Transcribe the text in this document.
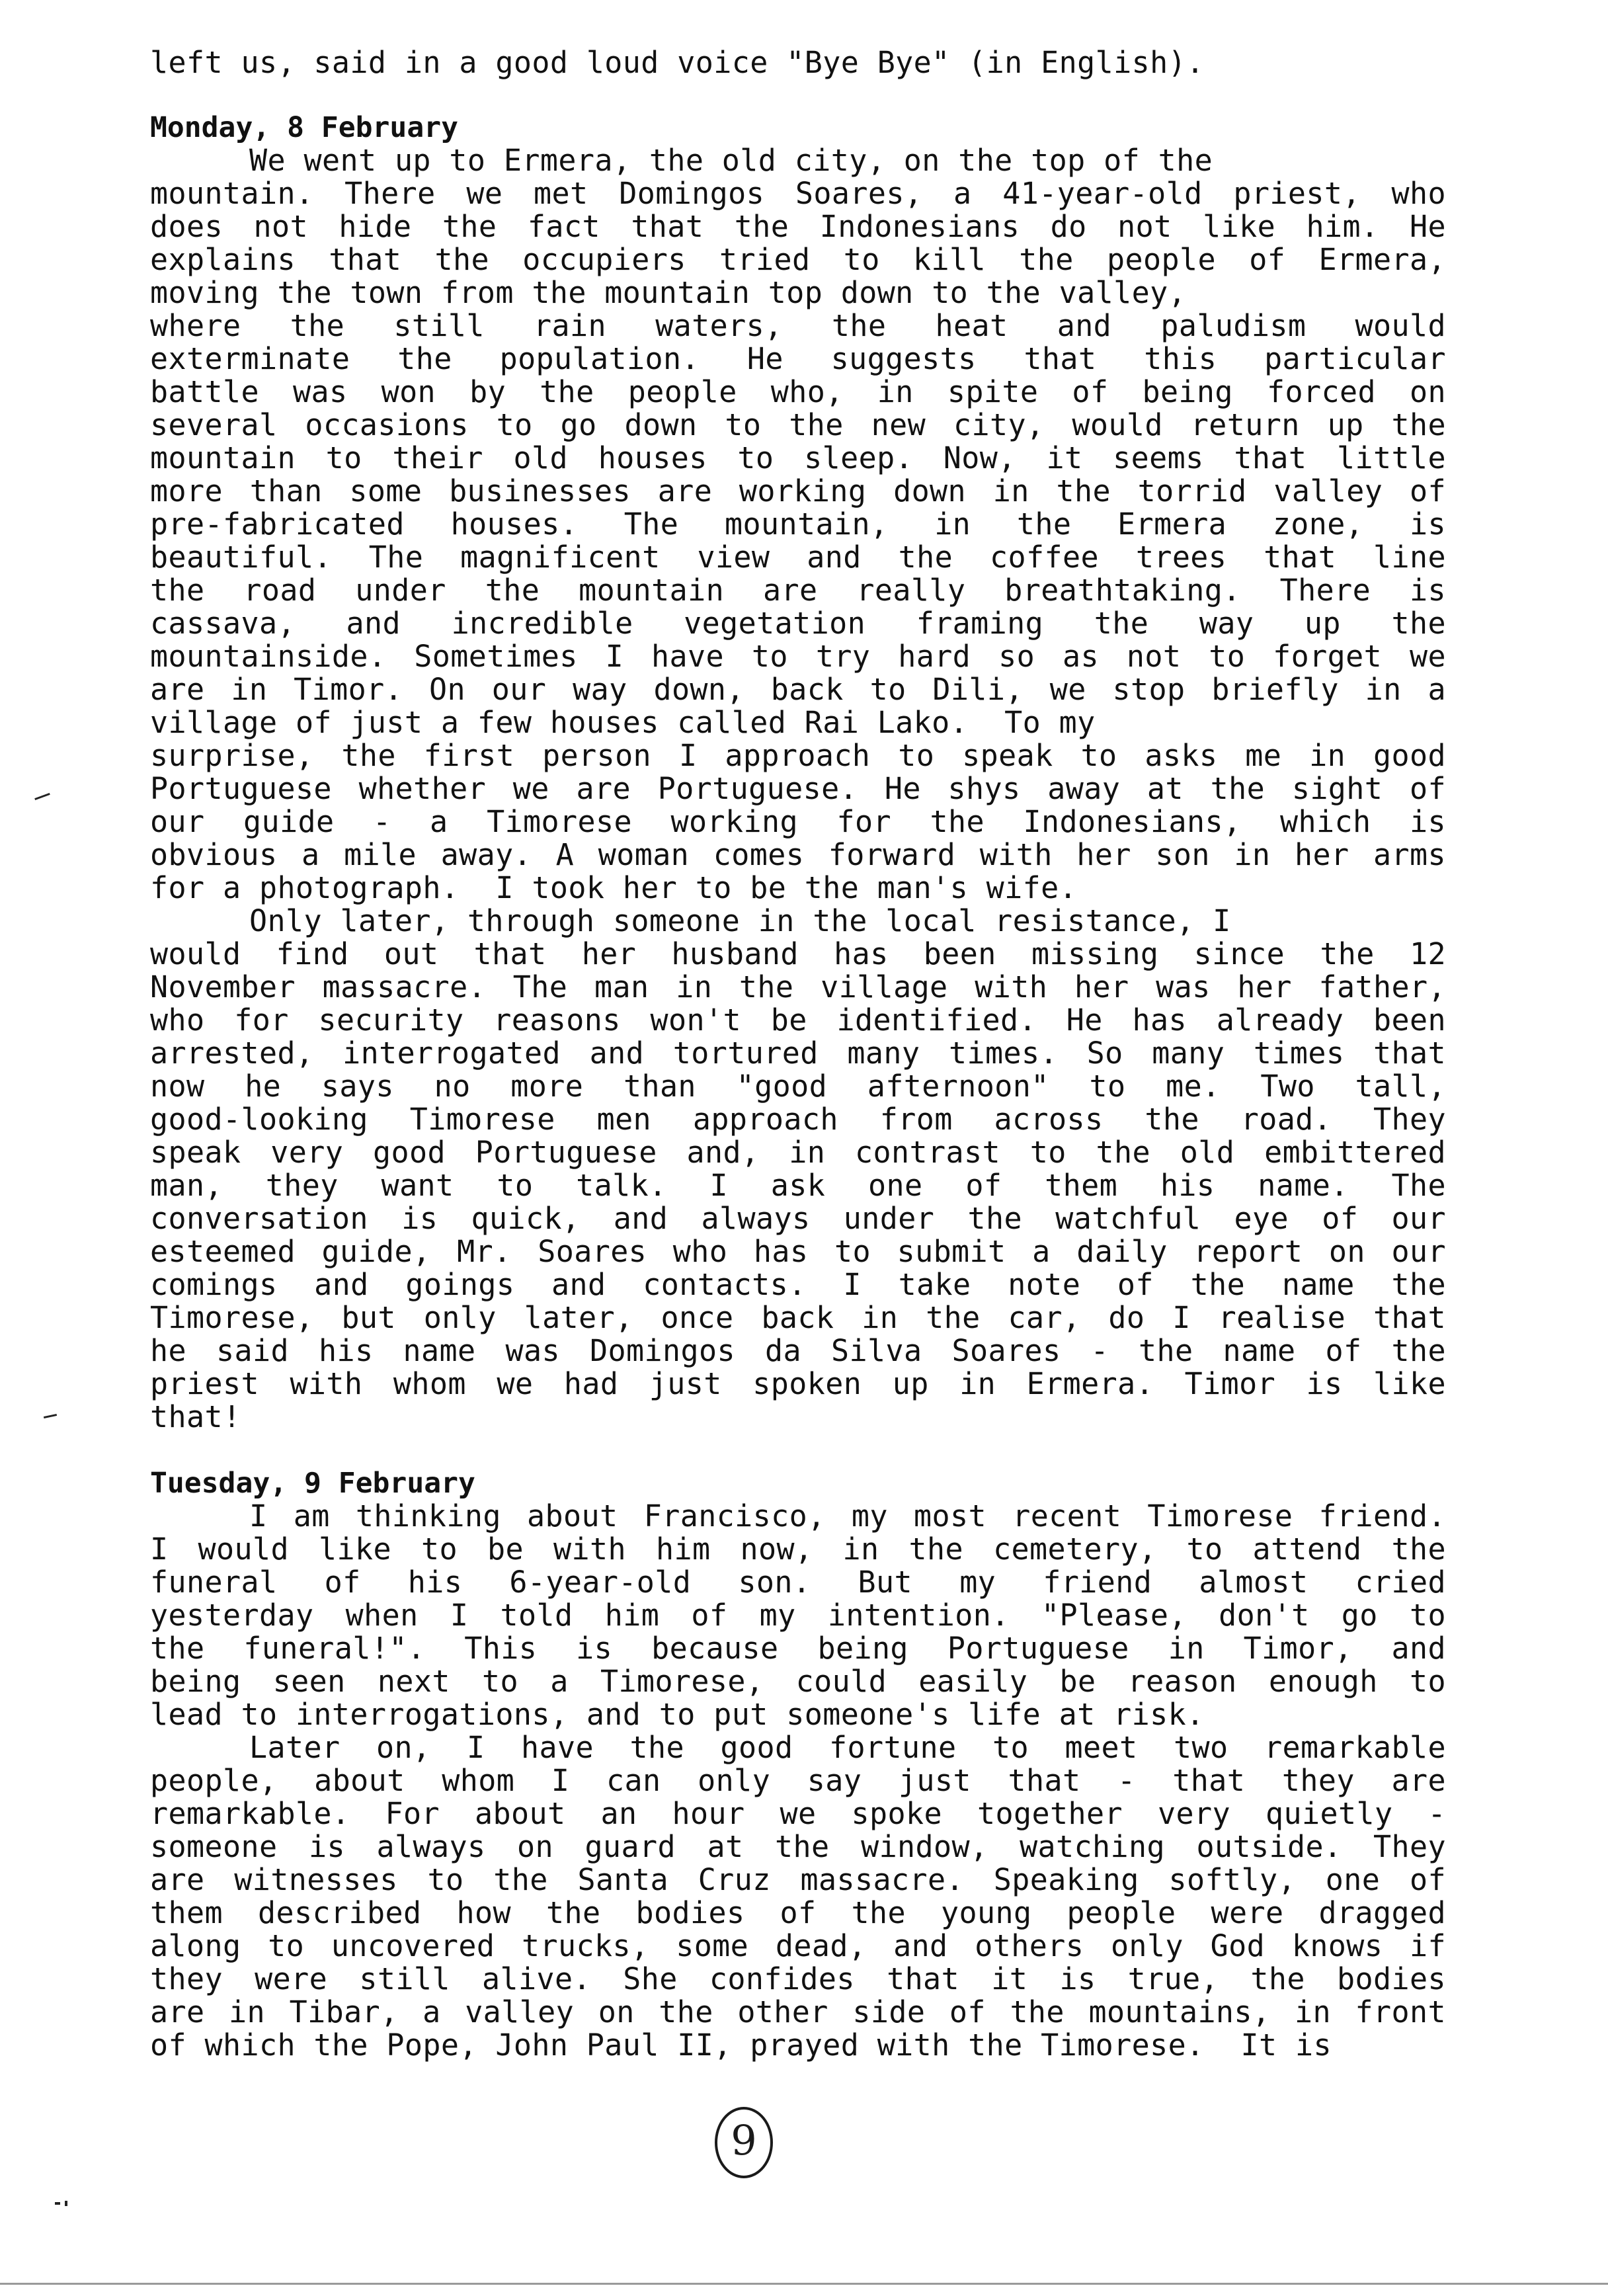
left us, said in a good loud voice "Bye Bye" (in English).
Monday, 8 February
We went up to Ermera, the old city, on the top of the
mountain. There we met Domingos Soares, a 41-year-old priest, who
does not hide the fact that the Indonesians do not like him. He
explains that the occupiers tried to kill the people of Ermera,
moving the town from the mountain top down to the valley,
where the still rain waters, the heat and paludism would
exterminate the population. He suggests that this particular
battle was won by the people who, in spite of being forced on
several occasions to go down to the new city, would return up the
mountain to their old houses to sleep. Now, it seems that little
more than some businesses are working down in the torrid valley of
pre-fabricated houses. The mountain, in the Ermera zone, is
beautiful. The magnificent view and the coffee trees that line
the road under the mountain are really breathtaking. There is
cassava, and incredible vegetation framing the way up the
mountainside. Sometimes I have to try hard so as not to forget we
are in Timor. On our way down, back to Dili, we stop briefly in a
village of just a few houses called Rai Lako.  To my
surprise, the first person I approach to speak to asks me in good
Portuguese whether we are Portuguese. He shys away at the sight of
our guide - a Timorese working for the Indonesians, which is
obvious a mile away. A woman comes forward with her son in her arms
for a photograph.  I took her to be the man's wife.
Only later, through someone in the local resistance, I
would find out that her husband has been missing since the 12
November massacre. The man in the village with her was her father,
who for security reasons won't be identified. He has already been
arrested, interrogated and tortured many times. So many times that
now he says no more than "good afternoon" to me. Two tall,
good-looking Timorese men approach from across the road. They
speak very good Portuguese and, in contrast to the old embittered
man, they want to talk. I ask one of them his name. The
conversation is quick, and always under the watchful eye of our
esteemed guide, Mr. Soares who has to submit a daily report on our
comings and goings and contacts. I take note of the name the
Timorese, but only later, once back in the car, do I realise that
he said his name was Domingos da Silva Soares - the name of the
priest with whom we had just spoken up in Ermera. Timor is like
that!
Tuesday, 9 February
I am thinking about Francisco, my most recent Timorese friend.
I would like to be with him now, in the cemetery, to attend the
funeral of his 6-year-old son. But my friend almost cried
yesterday when I told him of my intention. "Please, don't go to
the funeral!". This is because being Portuguese in Timor, and
being seen next to a Timorese, could easily be reason enough to
lead to interrogations, and to put someone's life at risk.
Later on, I have the good fortune to meet two remarkable
people, about whom I can only say just that - that they are
remarkable. For about an hour we spoke together very quietly -
someone is always on guard at the window, watching outside. They
are witnesses to the Santa Cruz massacre. Speaking softly, one of
them described how the bodies of the young people were dragged
along to uncovered trucks, some dead, and others only God knows if
they were still alive. She confides that it is true, the bodies
are in Tibar, a valley on the other side of the mountains, in front
of which the Pope, John Paul II, prayed with the Timorese.  It is
9
